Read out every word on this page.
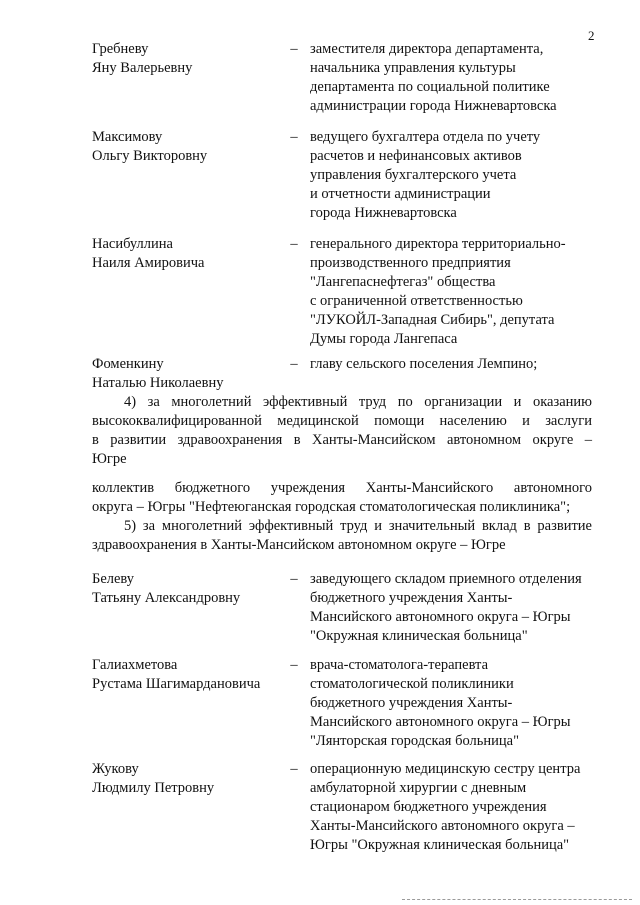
2
Гребневу
Яну Валерьевну
– заместителя директора департамента,
начальника управления культуры
департамента по социальной политике
администрации города Нижневартовска
Максимову
Ольгу Викторовну
– ведущего бухгалтера отдела по учету
расчетов и нефинансовых активов
управления бухгалтерского учета
и отчетности администрации
города Нижневартовска
Насибуллина
Наиля Амировича
– генерального директора территориально-
производственного предприятия
"Лангепаснефтегаз" общества
с ограниченной ответственностью
"ЛУКОЙЛ-Западная Сибирь", депутата
Думы города Лангепаса
Фоменкину
Наталью Николаевну
– главу сельского поселения Лемпино;
4) за многолетний эффективный труд по организации и оказанию
высококвалифицированной медицинской помощи населению и заслуги
в развитии здравоохранения в Ханты-Мансийском автономном округе –
Югре
коллектив бюджетного учреждения Ханты-Мансийского автономного
округа – Югры "Нефтеюганская городская стоматологическая поликлиника";
5) за многолетний эффективный труд и значительный вклад в развитие
здравоохранения в Ханты-Мансийском автономном округе – Югре
Белеву
Татьяну Александровну
– заведующего складом приемного отделения
бюджетного учреждения Ханты-
Мансийского автономного округа – Югры
"Окружная клиническая больница"
Галиахметова
Рустама Шагимардановича
– врача-стоматолога-терапевта
стоматологической поликлиники
бюджетного учреждения Ханты-
Мансийского автономного округа – Югры
"Лянторская городская больница"
Жукову
Людмилу Петровну
– операционную медицинскую сестру центра
амбулаторной хирургии с дневным
стационаром бюджетного учреждения
Ханты-Мансийского автономного округа –
Югры "Окружная клиническая больница"
